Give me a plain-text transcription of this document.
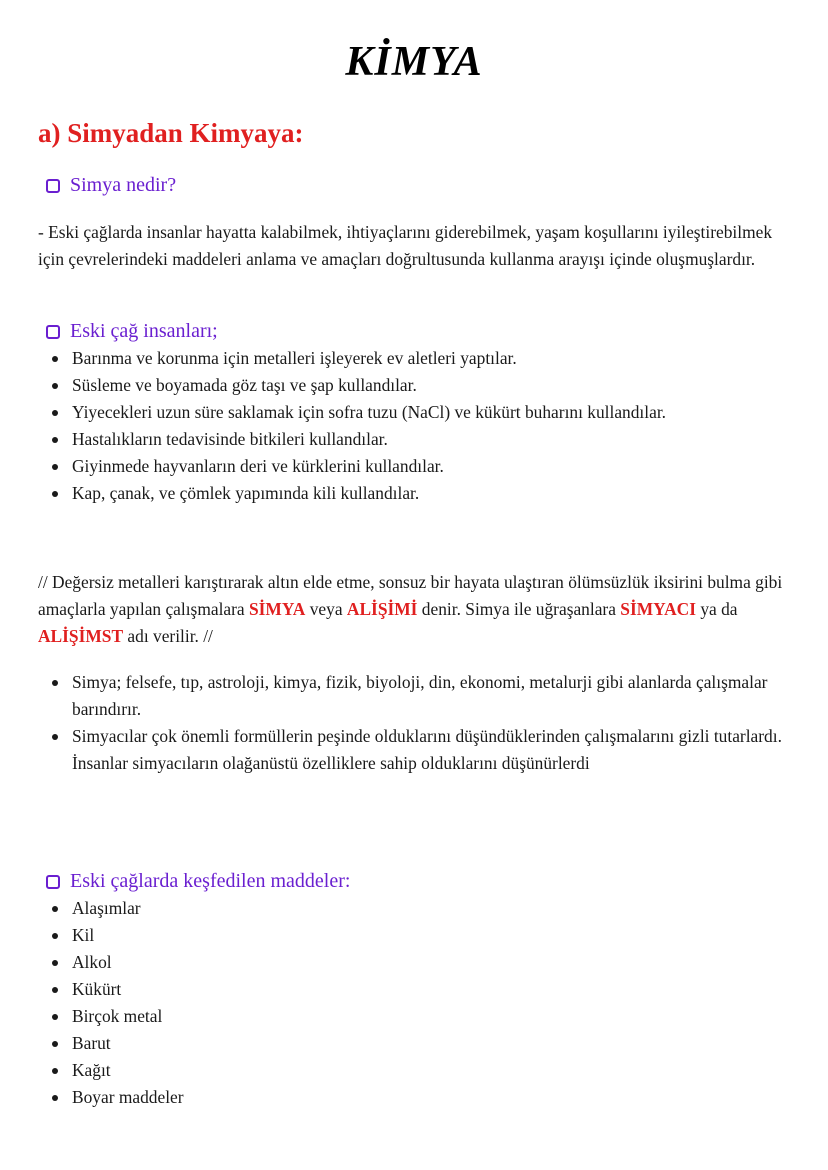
KİMYA
a) Simyadan Kimyaya:
Simya nedir?
- Eski çağlarda insanlar hayatta kalabilmek, ihtiyaçlarını giderebilmek, yaşam koşullarını iyileştirebilmek için çevrelerindeki maddeleri anlama ve amaçları doğrultusunda kullanma arayışı içinde oluşmuşlardır.
Eski çağ insanları;
Barınma ve korunma için metalleri işleyerek ev aletleri yaptılar.
Süsleme ve boyamada göz taşı ve şap kullandılar.
Yiyecekleri uzun süre saklamak için sofra tuzu (NaCl) ve kükürt buharını kullandılar.
Hastalıkların tedavisinde bitkileri kullandılar.
Giyinmede hayvanların deri ve kürklerini kullandılar.
Kap, çanak, ve çömlek yapımında kili kullandılar.
// Değersiz metalleri karıştırarak altın elde etme, sonsuz bir hayata ulaştıran ölümsüzlük iksirini bulma gibi amaçlarla yapılan çalışmalara SİMYA veya ALİŞİMİ denir. Simya ile uğraşanlara SİMYACI ya da ALİŞİMST adı verilir. //
Simya; felsefe, tıp, astroloji, kimya, fizik, biyoloji, din, ekonomi, metalurji gibi alanlarda çalışmalar barındırır.
Simyacılar çok önemli formüllerin peşinde olduklarını düşündüklerinden çalışmalarını gizli tutarlardı. İnsanlar simyacıların olağanüstü özelliklere sahip olduklarını düşünürlerdi
Eski çağlarda keşfedilen maddeler:
Alaşımlar
Kil
Alkol
Kükürt
Birçok metal
Barut
Kağıt
Boyar maddeler
